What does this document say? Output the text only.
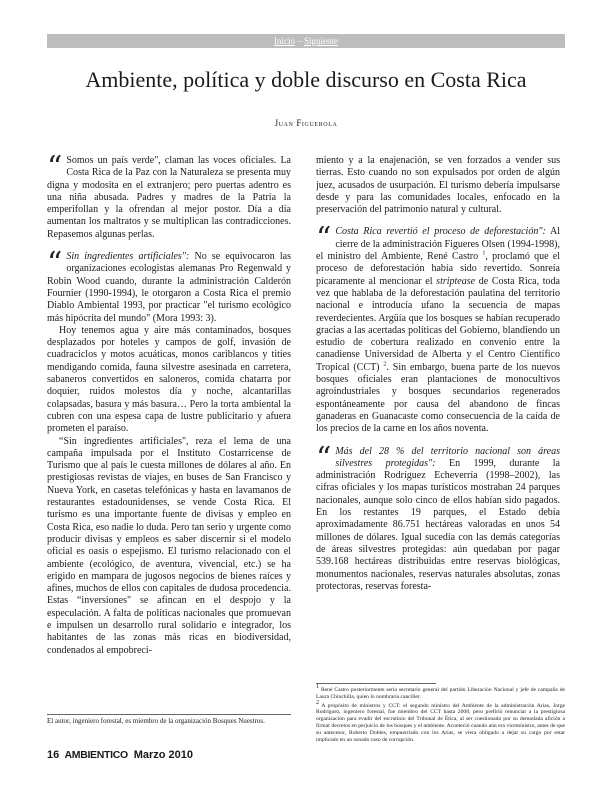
Inicio – Siguiente
Ambiente, política y doble discurso en Costa Rica
Juan Figuerola

“ Somos un país verde", claman las voces oficiales. La Costa Rica de la Paz con la Naturaleza se presenta muy digna y modosita en el extranjero; pero puertas adentro es una niña abusada. Padres y madres de la Patria la emperifollan y la ofrendan al mejor postor. Día a día aumentan los maltratos y se multiplican las contradicciones. Repasemos algunas perlas.

“ Sin ingredientes artificiales": No se equivocaron las organizaciones ecologistas alemanas Pro Regenwald y Robin Wood cuando, durante la administración Calderón Fournier (1990-1994), le otorgaron a Costa Rica el premio Diablo Ambiental 1993, por practicar "el turismo ecológico más hipócrita del mundo" (Mora 1993: 3).

Hoy tenemos agua y aire más contaminados, bosques desplazados por hoteles y campos de golf, invasión de cuadraciclos y motos acuáticas, monos cariblancos y titíes mendigando comida, fauna silvestre asesinada en carretera, sabaneros convertidos en saloneros, comida chatarra por doquier, ruidos molestos día y noche, alcantarillas colapsadas, basura y más basura… Pero la torta ambiental la cubren con una espesa capa de lustre publicitario y afuera prometen el paraíso.

“Sin ingredientes artificiales", reza el lema de una campaña impulsada por el Instituto Costarricense de Turismo que al país le cuesta millones de dólares al año. En prestigiosas revistas de viajes, en buses de San Francisco y Nueva York, en casetas telefónicas y hasta en lavamanos de restaurantes estadounidenses, se vende Costa Rica. El turismo es una importante fuente de divisas y empleo en Costa Rica, eso nadie lo duda. Pero tan serio y urgente como producir divisas y empleos es saber discernir si el modelo oficial es oasis o espejismo. El turismo relacionado con el ambiente (ecológico, de aventura, vivencial, etc.) se ha erigido en mampara de jugosos negocios de bienes raíces y afines, muchos de ellos con capitales de dudosa procedencia. Estas “inversiones" se afincan en el despojo y la especulación. A falta de políticas nacionales que promuevan e impulsen un desarrollo rural solidario e integrador, los habitantes de las zonas más ricas en biodiversidad, condenados al empobreci-

miento y a la enajenación, se ven forzados a vender sus tierras. Esto cuando no son expulsados por orden de algún juez, acusados de usurpación. El turismo debería impulsarse desde y para las comunidades locales, enfocado en la preservación del patrimonio natural y cultural.

“ Costa Rica revertió el proceso de deforestación": Al cierre de la administración Figueres Olsen (1994-1998), el ministro del Ambiente, René Castro $^1$, proclamó que el proceso de deforestación había sido revertido. Sonreía pícaramente al mencionar el striptease de Costa Rica, toda vez que hablaba de la deforestación paulatina del territorio nacional e introducía ufano la secuencia de mapas reverdecientes. Argüía que los bosques se habían recuperado gracias a las acertadas políticas del Gobierno, blandiendo un estudio de cobertura realizado en convenio entre la canadiense Universidad de Alberta y el Centro Científico Tropical (CCT) $^2$. Sin embargo, buena parte de los nuevos bosques oficiales eran plantaciones de monocultivos agroindustriales y bosques secundarios regenerados espontáneamente por causa del abandono de fincas ganaderas en Guanacaste como consecuencia de la caída de los precios de la carne en los años noventa.

“ Más del 28 % del territorio nacional son áreas silvestres protegidas": En 1999, durante la administración Rodríguez Echeverría (1998–2002), las cifras oficiales y los mapas turísticos mostraban 24 parques nacionales, aunque solo cinco de ellos habían sido pagados. En los restantes 19 parques, el Estado debía aproximadamente 86.751 hectáreas valoradas en unos 54 millones de dólares. Igual sucedía con las demás categorías de áreas silvestres protegidas: aún quedaban por pagar 539.168 hectáreas distribuidas entre reservas biológicas, monumentos nacionales, reservas naturales absolutas, zonas protectoras, reservas foresta-

$^1$ René Castro posteriormente sería secretario general del partido Liberación Nacional y jefe de campaña de Laura Chinchilla, quien lo nombraría canciller.

$^2$ A propósito de ministros y CCT: el segundo ministro del Ambiente de la administración Arias, Jorge Rodríguez, ingeniero forestal, fue miembro del CCT hasta 2008, pero prefirió renunciar a la prestigiosa organización para evadir del escrutinio del Tribunal de Ética, al ser cuestionado por su demodada afición a firmar decretos en perjuicio de los bosques y el ambiente. Aconteció cuando aún era viceministro, antes de que su antecesor, Roberto Dobles, empuerriado con los Arias, se viera obligado a dejar su cargo por estar implicado en un sonado caso de corrupción.

El autor, ingeniero forestal, es miembro de la organización Bosques Nuestros.
16 AMBIENTICO Marzo 2010
